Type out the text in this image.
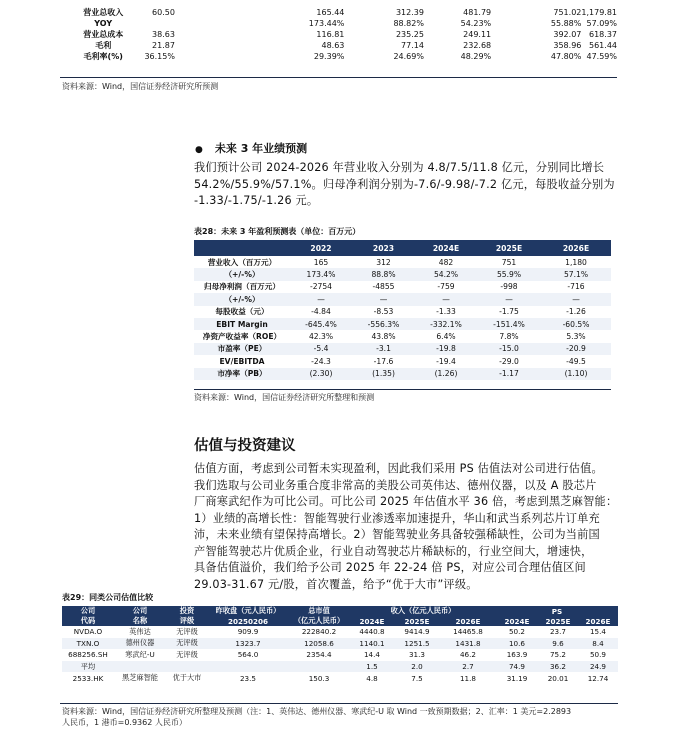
营业总收入	60.50		165.44	312.39	481.79	751.02	1,179.81
YOY			173.44%	88.82%	54.23%	55.88%	57.09%
营业总成本	38.63		116.81	235.25	249.11	392.07	618.37
毛利	21.87		48.63	77.14	232.68	358.96	561.44
毛利率(%)	36.15%		29.39%	24.69%	48.29%	47.80%	47.59%
资料来源：Wind，国信证券经济研究所预测
● 未来 3 年业绩预测
我们预计公司 2024-2026 年营业收入分别为 4.8/7.5/11.8 亿元，分别同比增长
54.2%/55.9%/57.1%。归母净利润分别为-7.6/-9.98/-7.2 亿元，每股收益分别为
-1.33/-1.75/-1.26 元。
表28：未来 3 年盈利预测表（单位：百万元）
	2022	2023	2024E	2025E	2026E
营业收入（百万元）	165	312	482	751	1,180
（+/-%）	173.4%	88.8%	54.2%	55.9%	57.1%
归母净利润（百万元）	-2754	-4855	-759	-998	-716
（+/-%）	—	—	—	—	—
每股收益（元）	-4.84	-8.53	-1.33	-1.75	-1.26
EBIT Margin	-645.4%	-556.3%	-332.1%	-151.4%	-60.5%
净资产收益率（ROE）	42.3%	43.8%	6.4%	7.8%	5.3%
市盈率（PE）	-5.4	-3.1	-19.8	-15.0	-20.9
EV/EBITDA	-24.3	-17.6	-19.4	-29.0	-49.5
市净率（PB）	(2.30)	(1.35)	(1.26)	-1.17	(1.10)
资料来源：Wind，国信证券经济研究所整理和预测
估值与投资建议
估值方面，考虑到公司暂未实现盈利，因此我们采用 PS 估值法对公司进行估值。
我们选取与公司业务重合度非常高的美股公司英伟达、德州仪器，以及 A 股芯片
厂商寒武纪作为可比公司。可比公司 2025 年估值水平 36 倍，考虑到黑芝麻智能：
1）业绩的高增长性：智能驾驶行业渗透率加速提升，华山和武当系列芯片订单充
沛，未来业绩有望保持高增长。2）智能驾驶业务具备较强稀缺性，公司为当前国
产智能驾驶芯片优质企业，行业自动驾驶芯片稀缺标的，行业空间大，增速快，
具备估值溢价，我们给予公司 2025 年 22-24 倍 PS，对应公司合理估值区间
29.03-31.67 元/股，首次覆盖，给予“优于大市”评级。
表29：同类公司估值比较
公司	公司	投资	昨收盘（元人民币）	总市值	收入（亿元人民币）			PS		
代码	名称	评级	20250206	（亿元人民币）	2024E	2025E	2026E	2024E	2025E	2026E
NVDA.O	英伟达	无评级	909.9	222840.2	4440.8	9414.9	14465.8	50.2	23.7	15.4
TXN.O	德州仪器	无评级	1323.7	12058.6	1140.1	1251.5	1431.8	10.6	9.6	8.4
688256.SH	寒武纪-U	无评级	564.0	2354.4	14.4	31.3	46.2	163.9	75.2	50.9
平均					1.5	2.0	2.7	74.9	36.2	24.9
2533.HK	黑芝麻智能	优于大市	23.5	150.3	4.8	7.5	11.8	31.19	20.01	12.74
资料来源：Wind，国信证券经济研究所整理及预测（注：1、英伟达、德州仪器、寒武纪-U 取 Wind 一致预期数据；2、汇率：1 美元=2.2893
人民币，1 港币=0.9362 人民币）
